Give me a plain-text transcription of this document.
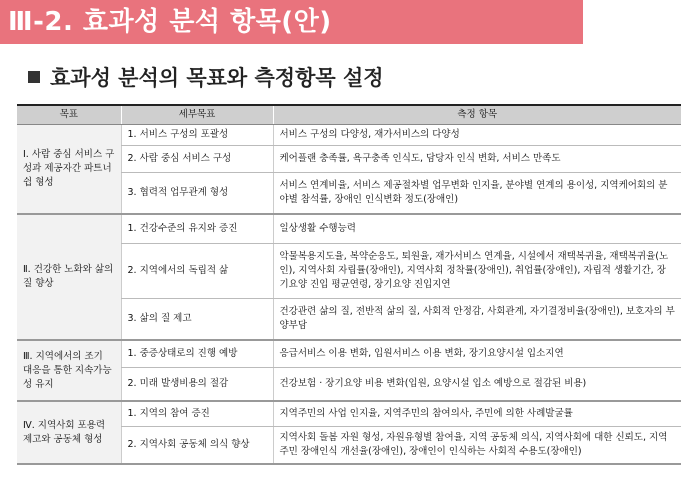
Ⅲ-2. 효과성 분석 항목(안)
효과성 분석의 목표와 측정항목 설정
목표	세부목표	측정 항목
Ⅰ. 사람 중심 서비스 구성과 제공자간 파트너쉽 형성	1. 서비스 구성의 포괄성	서비스 구성의 다양성, 재가서비스의 다양성
	2. 사람 중심 서비스 구성	케어플랜 충족률, 욕구충족 인식도, 담당자 인식 변화, 서비스 만족도
	3. 협력적 업무관계 형성	서비스 연계비율, 서비스 제공절차별 업무변화 인지율, 분야별 연계의 용이성, 지역케어회의 분야별 참석률, 장애인 인식변화 정도(장애인)
Ⅱ. 건강한 노화와 삶의 질 향상	1. 건강수준의 유지와 증진	일상생활 수행능력
	2. 지역에서의 독립적 삶	악물복용지도율, 복약순응도, 퇴원율, 재가서비스 연계율, 시설에서 재택복귀율, 재택복귀율(노인), 지역사회 자립률(장애인), 지역사회 정착률(장애인), 취업률(장애인), 자립적 생활기간, 장기요양 진입 평균연령, 장기요양 진입지연
	3. 삶의 질 제고	건강관련 삶의 질, 전반적 삶의 질, 사회적 안정감, 사회관계, 자기결정비율(장애인), 보호자의 부양부담
Ⅲ. 지역에서의 조기 대응을 통한 지속가능성 유지	1. 중증상태로의 진행 예방	응급서비스 이용 변화, 입원서비스 이용 변화, 장기요양시설 입소지연
	2. 미래 발생비용의 절감	건강보험 · 장기요양 비용 변화(입원, 요양시설 입소 예방으로 절감된 비용)
Ⅳ. 지역사회 포용력 제고와 공동체 형성	1. 지역의 참여 증진	지역주민의 사업 인지율, 지역주민의 참여의사, 주민에 의한 사례발굴률
	2. 지역사회 공동체 의식 향상	지역사회 돌봄 자원 형성, 자원유형별 참여율, 지역 공동체 의식, 지역사회에 대한 신뢰도, 지역주민 장애인식 개선율(장애인), 장애인이 인식하는 사회적 수용도(장애인)
